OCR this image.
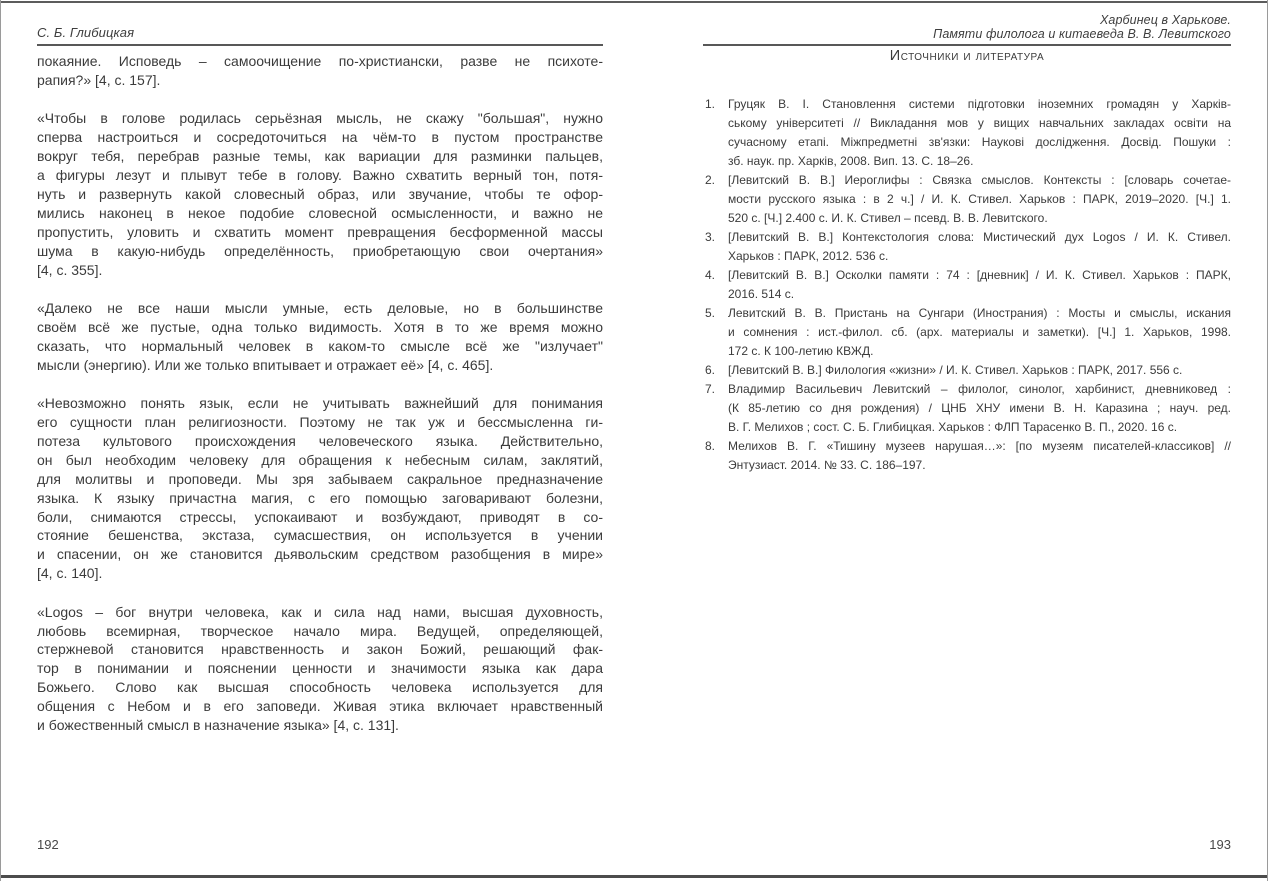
С. Б. Глибицкая
покаяние. Исповедь – самоочищение по-христиански, разве не психоте-
рапия?» [4, с. 157].
«Чтобы в голове родилась серьёзная мысль, не скажу "большая", нужно
сперва настроиться и сосредоточиться на чём-то в пустом пространстве
вокруг тебя, перебрав разные темы, как вариации для разминки пальцев,
а фигуры лезут и плывут тебе в голову. Важно схватить верный тон, потя-
нуть и развернуть какой словесный образ, или звучание, чтобы те офор-
мились наконец в некое подобие словесной осмысленности, и важно не
пропустить, уловить и схватить момент превращения бесформенной массы
шума в какую-нибудь определённость, приобретающую свои очертания»
[4, с. 355].
«Далеко не все наши мысли умные, есть деловые, но в большинстве
своём всё же пустые, одна только видимость. Хотя в то же время можно
сказать, что нормальный человек в каком-то смысле всё же "излучает"
мысли (энергию). Или же только впитывает и отражает её» [4, с. 465].
«Невозможно понять язык, если не учитывать важнейший для понимания
его сущности план религиозности. Поэтому не так уж и бессмысленна ги-
потеза культового происхождения человеческого языка. Действительно,
он был необходим человеку для обращения к небесным силам, заклятий,
для молитвы и проповеди. Мы зря забываем сакральное предназначение
языка. К языку причастна магия, с его помощью заговаривают болезни,
боли, снимаются стрессы, успокаивают и возбуждают, приводят в со-
стояние бешенства, экстаза, сумасшествия, он используется в учении
и спасении, он же становится дьявольским средством разобщения в мире»
[4, с. 140].
«Logos – бог внутри человека, как и сила над нами, высшая духовность,
любовь всемирная, творческое начало мира. Ведущей, определяющей,
стержневой становится нравственность и закон Божий, решающий фак-
тор в понимании и пояснении ценности и значимости языка как дара
Божьего. Слово как высшая способность человека используется для
общения с Небом и в его заповеди. Живая этика включает нравственный
и божественный смысл в назначение языка» [4, с. 131].
192
Харбинец в Харькове.
Памяти филолога и китаеведа В. В. Левитского
Источники и литература
1. Груцяк В. І. Становлення системи підготовки іноземних громадян у Харків-
ському університеті // Викладання мов у вищих навчальних закладах освіти на
сучасному етапі. Міжпредметні зв'язки: Наукові дослідження. Досвід. Пошуки :
зб. наук. пр. Харків, 2008. Вип. 13. С. 18–26.
2. [Левитский В. В.] Иероглифы : Связка смыслов. Контексты : [словарь сочетае-
мости русского языка : в 2 ч.] / И. К. Стивел. Харьков : ПАРК, 2019–2020. [Ч.] 1.
520 с. [Ч.] 2.400 с. И. К. Стивел – псевд. В. В. Левитского.
3. [Левитский В. В.] Контекстология слова: Мистический дух Logos / И. К. Стивел.
Харьков : ПАРК, 2012. 536 с.
4. [Левитский В. В.] Осколки памяти : 74 : [дневник] / И. К. Стивел. Харьков : ПАРК,
2016. 514 с.
5. Левитский В. В. Пристань на Сунгари (Инострания) : Мосты и смыслы, искания
и сомнения : ист.-филол. сб. (арх. материалы и заметки). [Ч.] 1. Харьков, 1998.
172 с. К 100-летию КВЖД.
6. [Левитский В. В.] Филология «жизни» / И. К. Стивел. Харьков : ПАРК, 2017. 556 с.
7. Владимир Васильевич Левитский – филолог, синолог, харбинист, дневниковед :
(К 85-летию со дня рождения) / ЦНБ ХНУ имени В. Н. Каразина ; науч. ред.
В. Г. Мелихов ; сост. С. Б. Глибицкая. Харьков : ФЛП Тарасенко В. П., 2020. 16 с.
8. Мелихов В. Г. «Тишину музеев нарушая…»: [по музеям писателей-классиков] //
Энтузиаст. 2014. № 33. С. 186–197.
193
